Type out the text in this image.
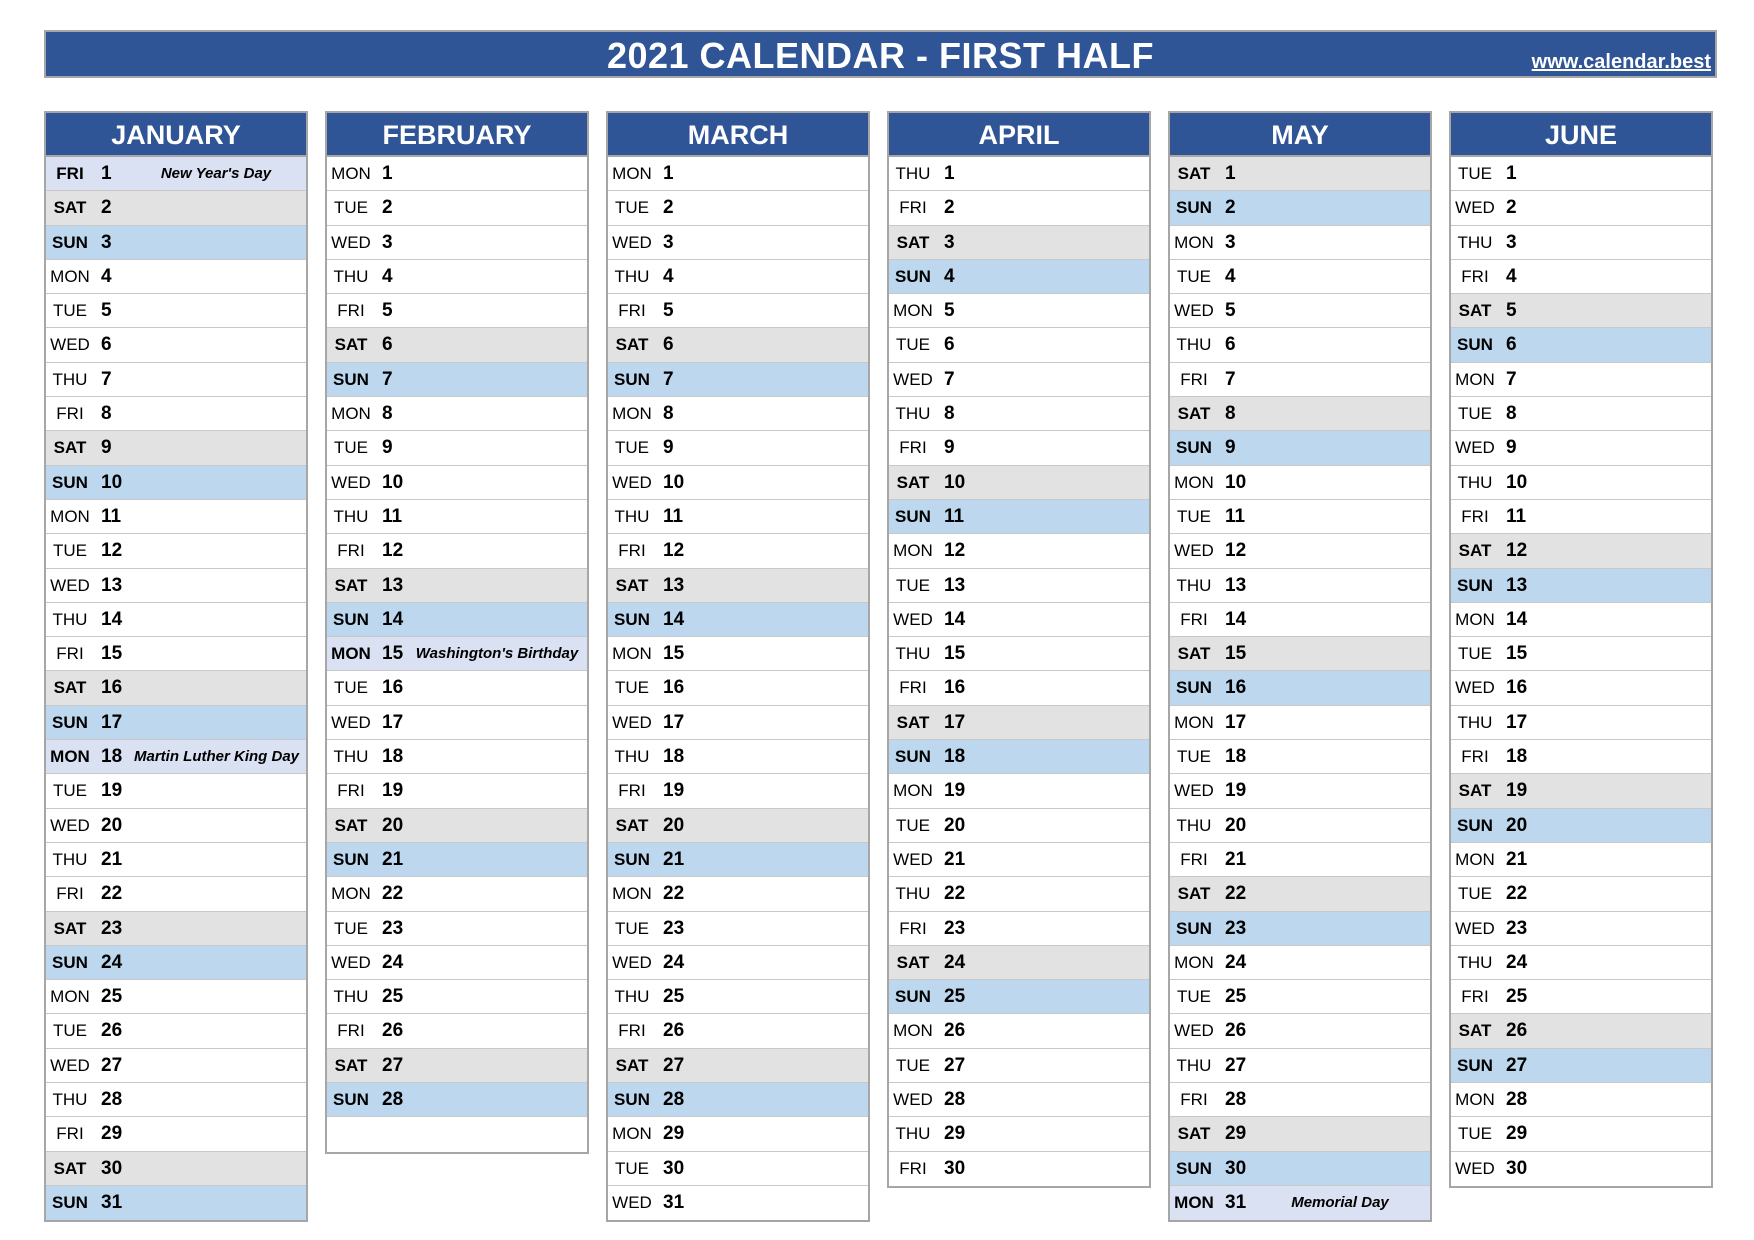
2021 CALENDAR - FIRST HALF	www.calendar.best
JANUARY
FRI 1	New Year's Day
SAT 2
SUN 3
MON 4
TUE 5
WED 6
THU 7
FRI 8
SAT 9
SUN 10
MON 11
TUE 12
WED 13
THU 14
FRI 15
SAT 16
SUN 17
MON 18 Martin Luther King Day
TUE 19
WED 20
THU 21
FRI 22
SAT 23
SUN 24
MON 25
TUE 26
WED 27
THU 28
FRI 29
SAT 30
SUN 31
FEBRUARY
MON 1
TUE 2
WED 3
THU 4
FRI 5
SAT 6
SUN 7
MON 8
TUE 9
WED 10
THU 11
FRI 12
SAT 13
SUN 14
MON 15 Washington's Birthday
TUE 16
WED 17
THU 18
FRI 19
SAT 20
SUN 21
MON 22
TUE 23
WED 24
THU 25
FRI 26
SAT 27
SUN 28
MARCH
MON 1
TUE 2
WED 3
THU 4
FRI 5
SAT 6
SUN 7
MON 8
TUE 9
WED 10
THU 11
FRI 12
SAT 13
SUN 14
MON 15
TUE 16
WED 17
THU 18
FRI 19
SAT 20
SUN 21
MON 22
TUE 23
WED 24
THU 25
FRI 26
SAT 27
SUN 28
MON 29
TUE 30
WED 31
APRIL
THU 1
FRI 2
SAT 3
SUN 4
MON 5
TUE 6
WED 7
THU 8
FRI 9
SAT 10
SUN 11
MON 12
TUE 13
WED 14
THU 15
FRI 16
SAT 17
SUN 18
MON 19
TUE 20
WED 21
THU 22
FRI 23
SAT 24
SUN 25
MON 26
TUE 27
WED 28
THU 29
FRI 30
MAY
SAT 1
SUN 2
MON 3
TUE 4
WED 5
THU 6
FRI 7
SAT 8
SUN 9
MON 10
TUE 11
WED 12
THU 13
FRI 14
SAT 15
SUN 16
MON 17
TUE 18
WED 19
THU 20
FRI 21
SAT 22
SUN 23
MON 24
TUE 25
WED 26
THU 27
FRI 28
SAT 29
SUN 30
MON 31	Memorial Day
JUNE
TUE 1
WED 2
THU 3
FRI 4
SAT 5
SUN 6
MON 7
TUE 8
WED 9
THU 10
FRI 11
SAT 12
SUN 13
MON 14
TUE 15
WED 16
THU 17
FRI 18
SAT 19
SUN 20
MON 21
TUE 22
WED 23
THU 24
FRI 25
SAT 26
SUN 27
MON 28
TUE 29
WED 30
